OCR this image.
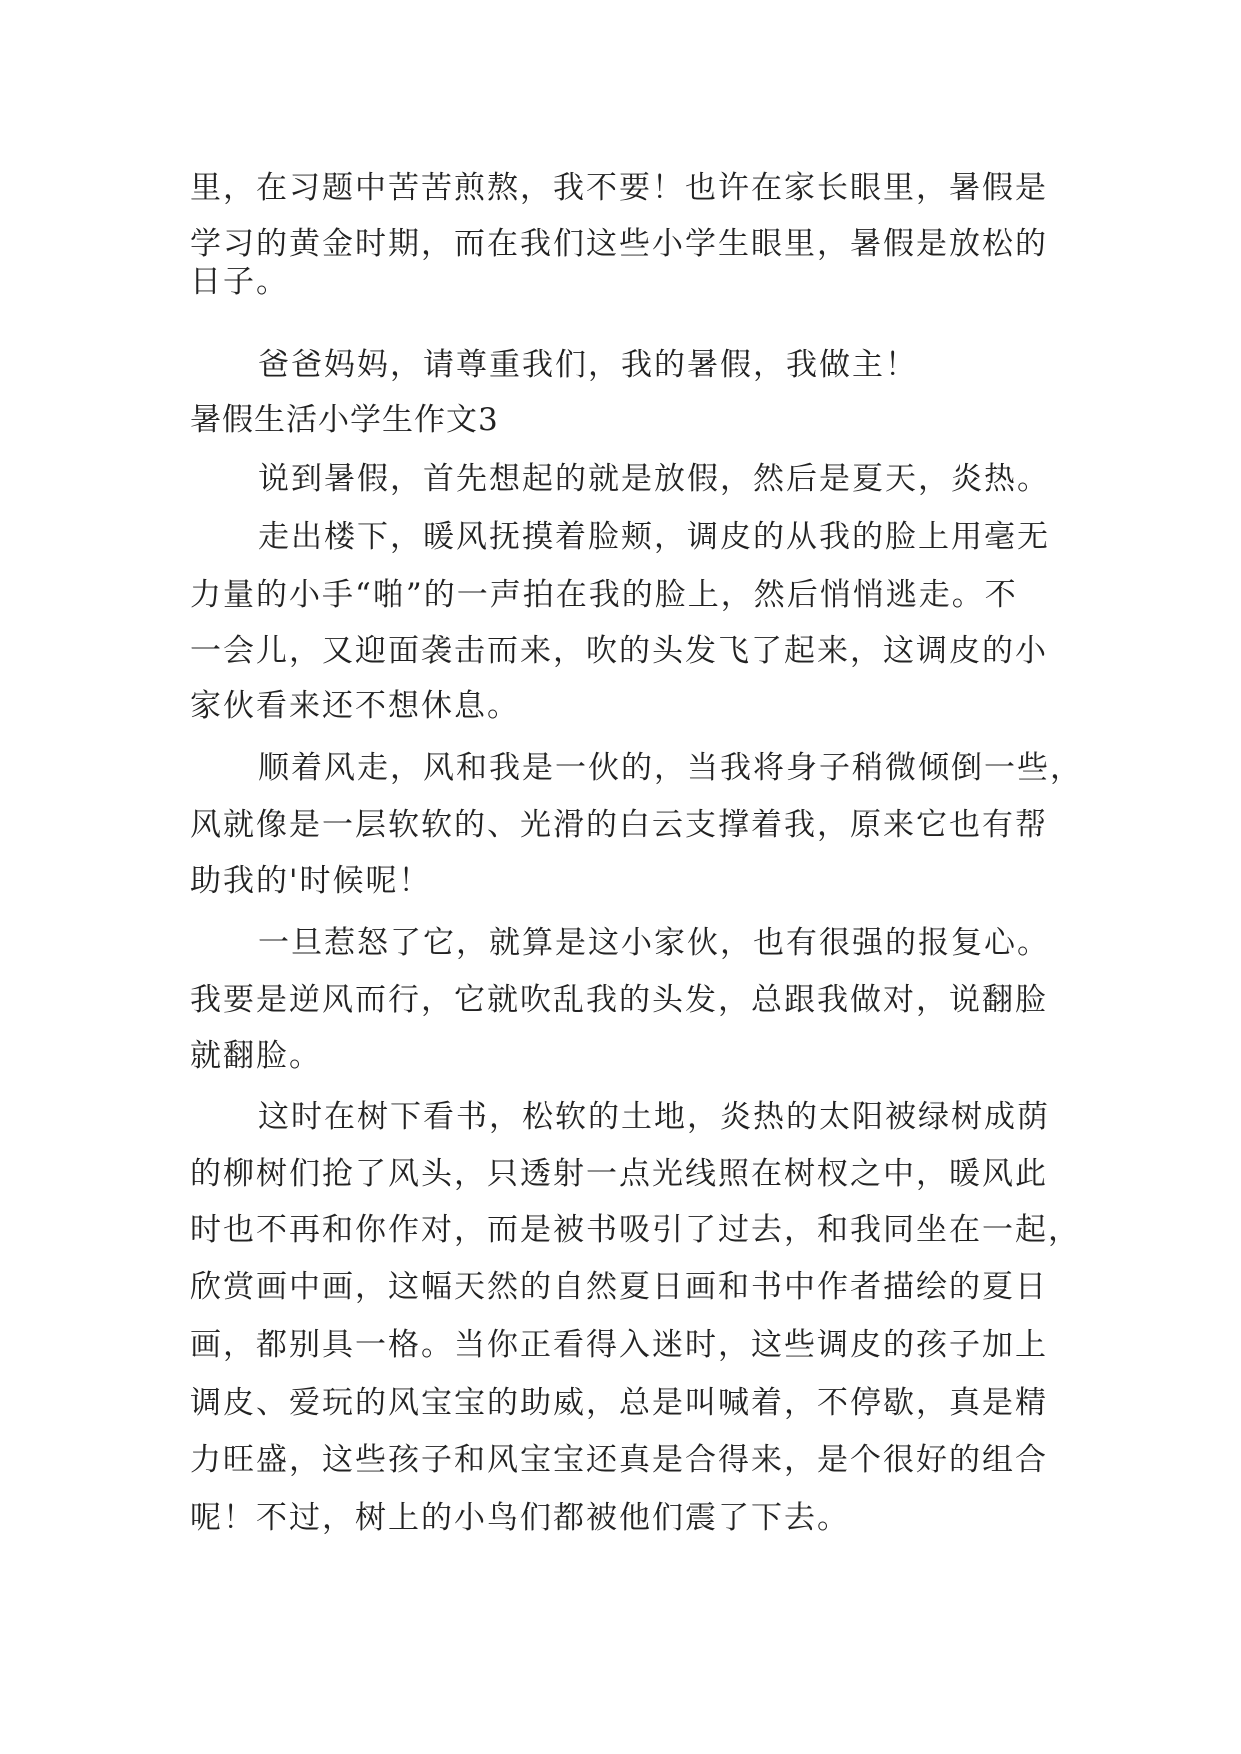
里，在习题中苦苦煎熬，我不要！也许在家长眼里，暑假是
学习的黄金时期，而在我们这些小学生眼里，暑假是放松的
日子。
爸爸妈妈，请尊重我们，我的暑假，我做主！
暑假生活小学生作文3
说到暑假，首先想起的就是放假，然后是夏天，炎热。
走出楼下，暖风抚摸着脸颊，调皮的从我的脸上用毫无
力量的小手“啪”的一声拍在我的脸上，然后悄悄逃走。不
一会儿，又迎面袭击而来，吹的头发飞了起来，这调皮的小
家伙看来还不想休息。
顺着风走，风和我是一伙的，当我将身子稍微倾倒一些，
风就像是一层软软的、光滑的白云支撑着我，原来它也有帮
助我的'时候呢！
一旦惹怒了它，就算是这小家伙，也有很强的报复心。
我要是逆风而行，它就吹乱我的头发，总跟我做对，说翻脸
就翻脸。
这时在树下看书，松软的土地，炎热的太阳被绿树成荫
的柳树们抢了风头，只透射一点光线照在树杈之中，暖风此
时也不再和你作对，而是被书吸引了过去，和我同坐在一起，
欣赏画中画，这幅天然的自然夏日画和书中作者描绘的夏日
画，都别具一格。当你正看得入迷时，这些调皮的孩子加上
调皮、爱玩的风宝宝的助威，总是叫喊着，不停歇，真是精
力旺盛，这些孩子和风宝宝还真是合得来，是个很好的组合
呢！不过，树上的小鸟们都被他们震了下去。
